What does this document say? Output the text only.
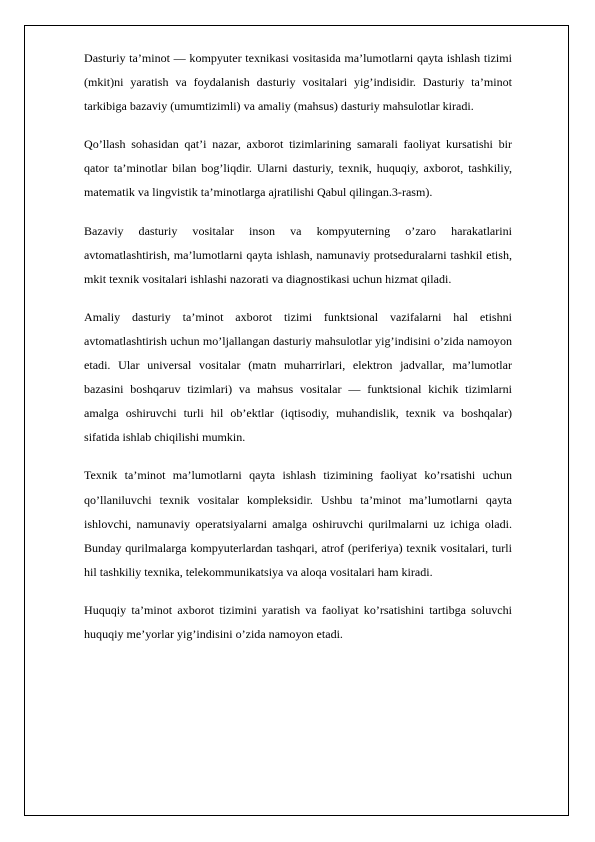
Dasturiy ta’minot — kompyuter texnikasi vositasida ma’lumotlarni qayta ishlash tizimi (mkit)ni yaratish va foydalanish dasturiy vositalari yig’indisidir. Dasturiy ta’minot tarkibiga bazaviy (umumtizimli) va amaliy (mahsus) dasturiy mahsulotlar kiradi.

Qo’llash sohasidan qat’i nazar, axborot tizimlarining samarali faoliyat kursatishi bir qator ta’minotlar bilan bog’liqdir. Ularni dasturiy, texnik, huquqiy, axborot, tashkiliy, matematik va lingvistik ta’minotlarga ajratilishi Qabul qilingan.3-rasm).

Bazaviy dasturiy vositalar inson va kompyuterning o’zaro harakatlarini avtomatlashtirish, ma’lumotlarni qayta ishlash, namunaviy protseduralarni tashkil etish, mkit texnik vositalari ishlashi nazorati va diagnostikasi uchun hizmat qiladi.

Amaliy dasturiy ta’minot axborot tizimi funktsional vazifalarni hal etishni avtomatlashtirish uchun mo’ljallangan dasturiy mahsulotlar yig’indisini o’zida namoyon etadi. Ular universal vositalar (matn muharrirlari, elektron jadvallar, ma’lumotlar bazasini boshqaruv tizimlari) va mahsus vositalar — funktsional kichik tizimlarni amalga oshiruvchi turli hil ob’ektlar (iqtisodiy, muhandislik, texnik va boshqalar) sifatida ishlab chiqilishi mumkin.

Texnik ta’minot ma’lumotlarni qayta ishlash tizimining faoliyat ko’rsatishi uchun qo’llaniluvchi texnik vositalar kompleksidir. Ushbu ta’minot ma’lumotlarni qayta ishlovchi, namunaviy operatsiyalarni amalga oshiruvchi qurilmalarni uz ichiga oladi. Bunday qurilmalarga kompyuterlardan tashqari, atrof (periferiya) texnik vositalari, turli hil tashkiliy texnika, telekommunikatsiya va aloqa vositalari ham kiradi.

Huquqiy ta’minot axborot tizimini yaratish va faoliyat ko’rsatishini tartibga soluvchi huquqiy me’yorlar yig’indisini o’zida namoyon etadi.
